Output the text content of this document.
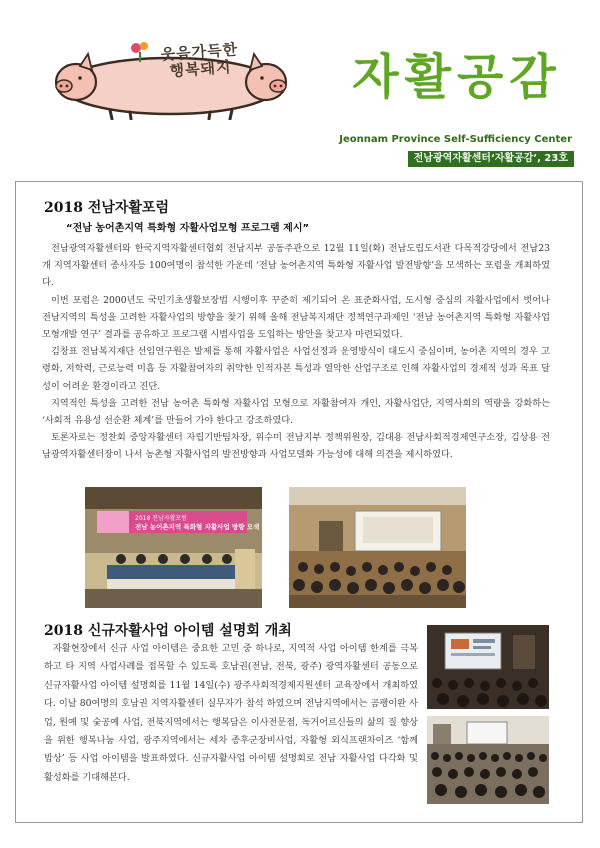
웃음가득한
행복돼지	자활공감
Jeonnam Province Self-Sufficiency Center
전남광역자활센터‘자활공감’, 23호
2018 전남자활포럼
“전남 농어촌지역 특화형 자활사업모형 프로그램 제시”

전남광역자활센터와 한국지역자활센터협회 전남지부 공동주관으로 12월 11일(화) 전남도립도서관 다목적강당에서 전남23개 지역자활센터 종사자등 100여명이 참석한 가운데 ‘전남 농어촌지역 특화형 자활사업 발전방향’을 모색하는 포럼을 개최하였다.

이번 포럼은 2000년도 국민기초생활보장법 시행이후 꾸준히 제기되어 온 표준화사업, 도시형 중심의 자활사업에서 벗어나 전남지역의 특성을 고려한 자활사업의 방향을 찾기 위해 올해 전남복지재단 정책연구과제인 ‘전남 농어촌지역 특화형 자활사업 모형개발 연구’ 결과를 공유하고 프로그램 시범사업을 도입하는 방안을 찾고자 마련되었다.

김창표 전남복지재단 선임연구원은 발제를 통해 자활사업은 사업선정과 운영방식이 대도시 중심이며, 농어촌 지역의 경우 고령화, 저학력, 근로능력 미흡 등 자활참여자의 취약한 인적자본 특성과 열악한 산업구조로 인해 자활사업의 경제적 성과 목표 달성이 어려운 환경이라고 진단.

지역적인 특성을 고려한 전남 농어촌 특화형 자활사업 모형으로 자활참여자 개인, 자활사업단, 지역사회의 역량을 강화하는 ‘사회적 유용성 선순환 체계’를 만들어 가야 한다고 강조하였다.

토론자로는 정찬회 중앙자활센터 자립기반팀차장, 위수미 전남지부 정책위원장, 김대용 전남사회적경제연구소장, 김상용 전남광역자활센터장이 나서 농촌형 자활사업의 발전방향과 사업모델화 가능성에 대해 의견을 제시하였다.

2018 전남자활포럼
전남 농어촌지역 특화형 자활사업 방향 모색
2018 신규자활사업 아이템 설명회 개최

자활현장에서 신규 사업 아이템은 중요한 고민 중 하나로, 지역적 사업 아이템 한계를 극복하고 타 지역 사업사례를 접목할 수 있도록 호남권(전남, 전북, 광주) 광역자활센터 공동으로 신규자활사업 아이템 설명회를 11월 14일(수) 광주사회적경제지원센터 교육장에서 개최하였다. 이날 80여명의 호남권 지역자활센터 실무자가 참석 하였으며 전남지역에서는 곰팽이완 사업, 원예 및 숯공예 사업, 전북지역에서는 행복담은 이사전문점, 독거어르신들의 삶의 질 향상을 위한 행복나눔 사업, 광주지역에서는 세차 종후군장비사업, 자활형 외식프랜차이즈 ‘함께 밥상’ 등 사업 아이템을 발표하였다. 신규자활사업 아이템 설명회로 전남 자활사업 다각화 및 활성화를 기대해본다.
